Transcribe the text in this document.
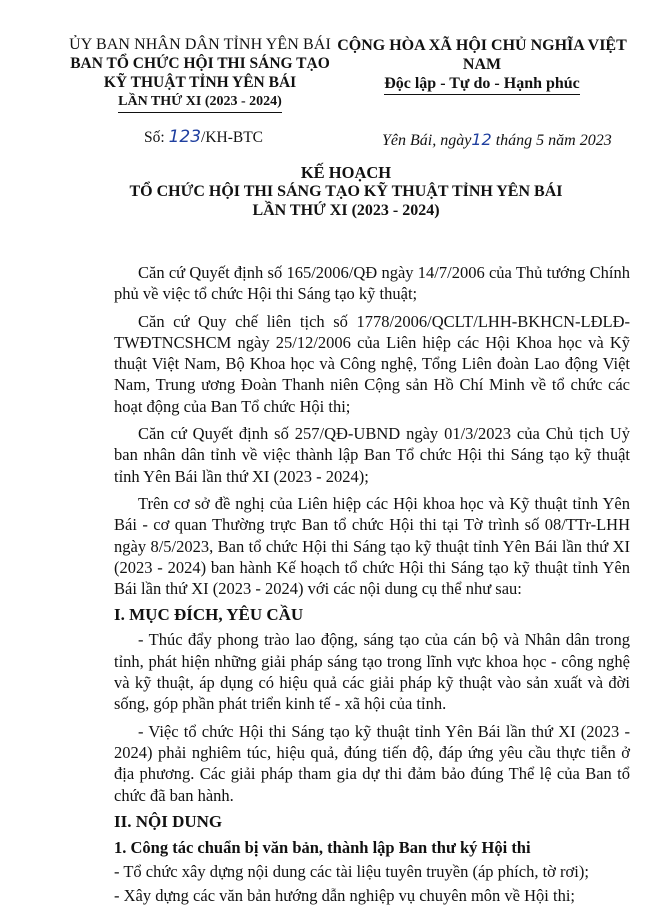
ỦY BAN NHÂN DÂN TỈNH YÊN BÁI
BAN TỔ CHỨC HỘI THI SÁNG TẠO
KỸ THUẬT TỈNH YÊN BÁI
LẦN THỨ XI (2023 - 2024)
CỘNG HÒA XÃ HỘI CHỦ NGHĨA VIỆT NAM
Độc lập - Tự do - Hạnh phúc
Số: 123/KH-BTC	Yên Bái, ngày12 tháng 5 năm 2023
KẾ HOẠCH
TỔ CHỨC HỘI THI SÁNG TẠO KỸ THUẬT TỈNH YÊN BÁI
LẦN THỨ XI (2023 - 2024)

Căn cứ Quyết định số 165/2006/QĐ ngày 14/7/2006 của Thủ tướng Chính phủ về việc tổ chức Hội thi Sáng tạo kỹ thuật;

Căn cứ Quy chế liên tịch số 1778/2006/QCLT/LHH-BKHCN-LĐLĐ-TWĐTNCSHCM ngày 25/12/2006 của Liên hiệp các Hội Khoa học và Kỹ thuật Việt Nam, Bộ Khoa học và Công nghệ, Tổng Liên đoàn Lao động Việt Nam, Trung ương Đoàn Thanh niên Cộng sản Hồ Chí Minh về tổ chức các hoạt động của Ban Tổ chức Hội thi;

Căn cứ Quyết định số 257/QĐ-UBND ngày 01/3/2023 của Chủ tịch Uỷ ban nhân dân tỉnh về việc thành lập Ban Tổ chức Hội thi Sáng tạo kỹ thuật tỉnh Yên Bái lần thứ XI (2023 - 2024);

Trên cơ sở đề nghị của Liên hiệp các Hội khoa học và Kỹ thuật tỉnh Yên Bái - cơ quan Thường trực Ban tổ chức Hội thi tại Tờ trình số 08/TTr-LHH ngày 8/5/2023, Ban tổ chức Hội thi Sáng tạo kỹ thuật tỉnh Yên Bái lần thứ XI (2023 - 2024) ban hành Kế hoạch tổ chức Hội thi Sáng tạo kỹ thuật tỉnh Yên Bái lần thứ XI (2023 - 2024) với các nội dung cụ thể như sau:

I. MỤC ĐÍCH, YÊU CẦU

- Thúc đẩy phong trào lao động, sáng tạo của cán bộ và Nhân dân trong tỉnh, phát hiện những giải pháp sáng tạo trong lĩnh vực khoa học - công nghệ và kỹ thuật, áp dụng có hiệu quả các giải pháp kỹ thuật vào sản xuất và đời sống, góp phần phát triển kinh tế - xã hội của tỉnh.

- Việc tổ chức Hội thi Sáng tạo kỹ thuật tỉnh Yên Bái lần thứ XI (2023 - 2024) phải nghiêm túc, hiệu quả, đúng tiến độ, đáp ứng yêu cầu thực tiễn ở địa phương. Các giải pháp tham gia dự thi đảm bảo đúng Thể lệ của Ban tổ chức đã ban hành.

II. NỘI DUNG
1. Công tác chuẩn bị văn bản, thành lập Ban thư ký Hội thi

- Tổ chức xây dựng nội dung các tài liệu tuyên truyền (áp phích, tờ rơi);

- Xây dựng các văn bản hướng dẫn nghiệp vụ chuyên môn về Hội thi;
